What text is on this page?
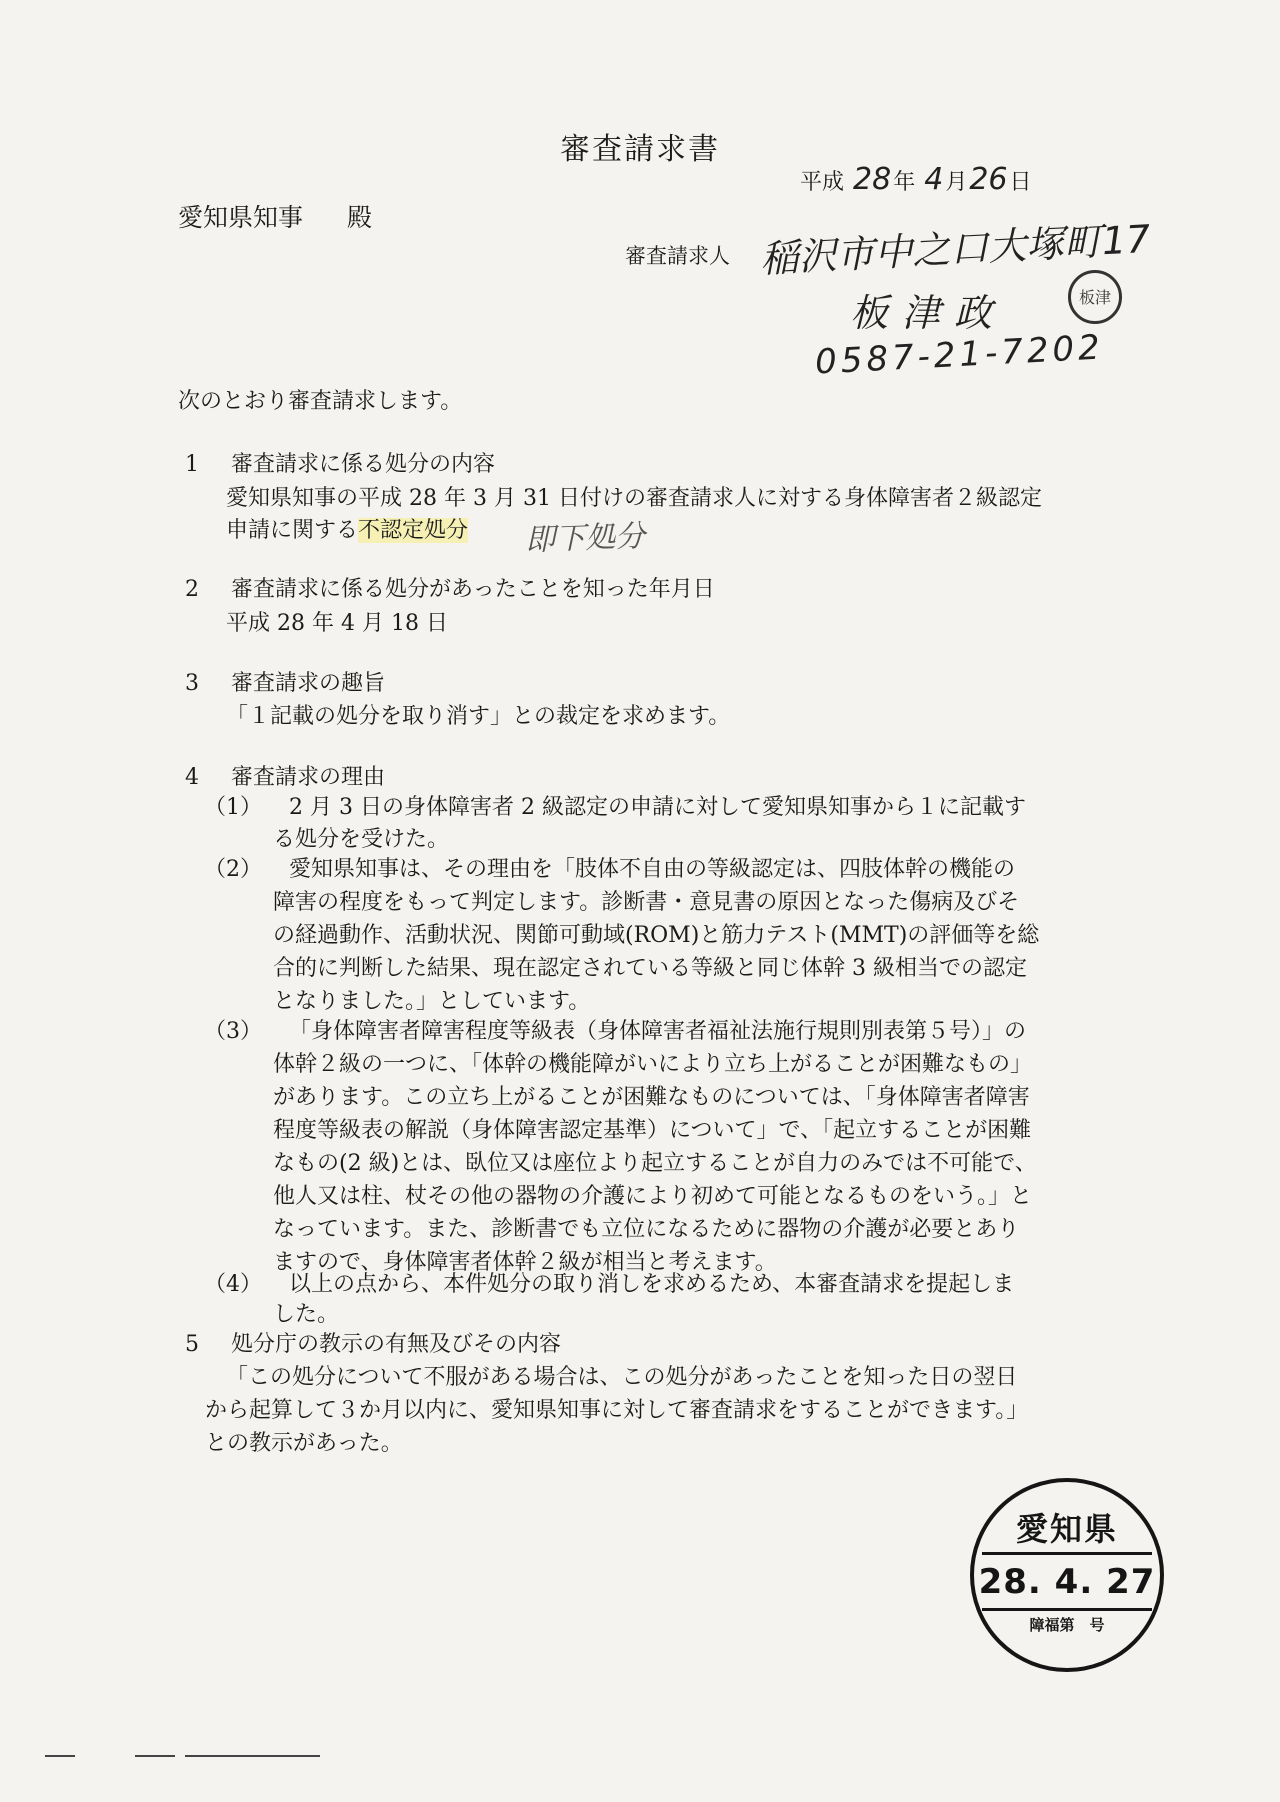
審査請求書
平成 28年 4月26日
愛知県知事 殿
審査請求人 稲沢市中之口大塚町17
板津政	板津
0587-21-7202
次のとおり審査請求します。
1 審査請求に係る処分の内容
愛知県知事の平成 28 年 3 月 31 日付けの審査請求人に対する身体障害者２級認定
申請に関する不認定処分 即下処分
2 審査請求に係る処分があったことを知った年月日
平成 28 年 4 月 18 日
3 審査請求の趣旨
「１記載の処分を取り消す」との裁定を求めます。
4 審査請求の理由
（1） 2 月 3 日の身体障害者 2 級認定の申請に対して愛知県知事から１に記載す
る処分を受けた。
（2） 愛知県知事は、その理由を「肢体不自由の等級認定は、四肢体幹の機能の
障害の程度をもって判定します。診断書・意見書の原因となった傷病及びそ
の経過動作、活動状況、関節可動域(ROM)と筋力テスト(MMT)の評価等を総
合的に判断した結果、現在認定されている等級と同じ体幹 3 級相当での認定
となりました。」としています。
（3） 「身体障害者障害程度等級表（身体障害者福祉法施行規則別表第５号）」の
体幹２級の一つに、「体幹の機能障がいにより立ち上がることが困難なもの」
があります。この立ち上がることが困難なものについては、「身体障害者障害
程度等級表の解説（身体障害認定基準）について」で、「起立することが困難
なもの(2 級)とは、臥位又は座位より起立することが自力のみでは不可能で、
他人又は柱、杖その他の器物の介護により初めて可能となるものをいう。」と
なっています。また、診断書でも立位になるために器物の介護が必要とあり
ますので、身体障害者体幹２級が相当と考えます。
（4） 以上の点から、本件処分の取り消しを求めるため、本審査請求を提起しま
した。
5 処分庁の教示の有無及びその内容
「この処分について不服がある場合は、この処分があったことを知った日の翌日
から起算して３か月以内に、愛知県知事に対して審査請求をすることができます。」
との教示があった。
愛知県
28. 4. 27
障福第　号
